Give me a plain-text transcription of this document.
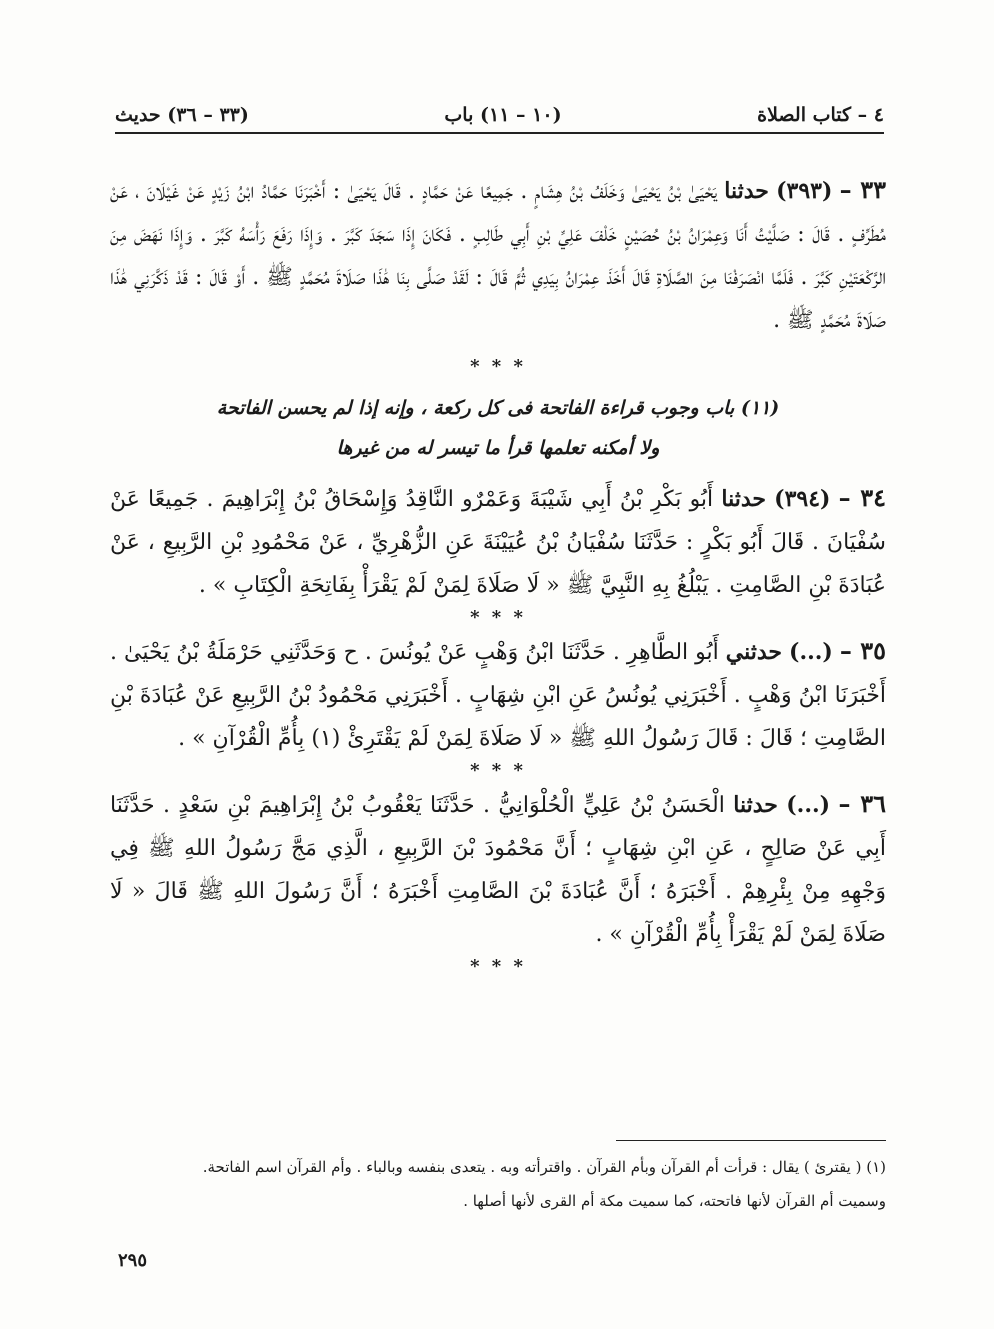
٤ – كتاب الصلاة
(١٠ – ١١) باب
(٣٣ – ٣٦) حديث

٣٣ – (٣٩٣) حدثنا يَحْيَىٰ بْنُ يَحْيَىٰ وَخَلَفُ بْنُ هِشَامٍ . جَمِيعًا عَنْ حَمَّادٍ . قَالَ يَحْيَىٰ : أَخْبَرَنَا حَمَّادُ ابْنُ زَيْدٍ عَنْ غَيْلَانَ ، عَنْ مُطَرِّفٍ . قَالَ : صَلَّيْتُ أَنَا وَعِمْرَانُ بْنُ حُصَيْنٍ خَلْفَ عَلِيِّ بْنِ أَبِي طَالِبٍ . فَكَانَ إِذَا سَجَدَ كَبَّرَ . وَإِذَا رَفَعَ رَأْسَهُ كَبَّرَ . وَإِذَا نَهَضَ مِنَ الرَّكْعَتَيْنِ كَبَّرَ . فَلَمَّا انْصَرَفْنَا مِنَ الصَّلَاةِ قَالَ أَخَذَ عِمْرَانُ بِيَدِي ثُمَّ قَالَ : لَقَدْ صَلَّى بِنَا هَٰذَا صَلَاةَ مُحَمَّدٍ ﷺ . أَوْ قَالَ : قَدْ ذَكَّرَنِي هَٰذَا صَلَاةَ مُحَمَّدٍ ﷺ .

* * *
(١١) باب وجوب قراءة الفاتحة فى كل ركعة ، وإنه إذا لم يحسن الفاتحة
ولا أمكنه تعلمها قرأ ما تيسر له من غيرها

٣٤ – (٣٩٤) حدثنا أَبُو بَكْرِ بْنُ أَبِي شَيْبَةَ وَعَمْرٌو النَّاقِدُ وَإِسْحَاقُ بْنُ إِبْرَاهِيمَ . جَمِيعًا عَنْ سُفْيَانَ . قَالَ أَبُو بَكْرٍ : حَدَّثَنَا سُفْيَانُ بْنُ عُيَيْنَةَ عَنِ الزُّهْرِيِّ ، عَنْ مَحْمُودِ بْنِ الرَّبِيعِ ، عَنْ عُبَادَةَ بْنِ الصَّامِتِ . يَبْلُغُ بِهِ النَّبِيَّ ﷺ « لَا صَلَاةَ لِمَنْ لَمْ يَقْرَأْ بِفَاتِحَةِ الْكِتَابِ » .

* * *

٣٥ – (...) حدثني أَبُو الطَّاهِرِ . حَدَّثَنَا ابْنُ وَهْبٍ عَنْ يُونُسَ . ح وَحَدَّثَنِي حَرْمَلَةُ بْنُ يَحْيَىٰ . أَخْبَرَنَا ابْنُ وَهْبٍ . أَخْبَرَنِي يُونُسُ عَنِ ابْنِ شِهَابٍ . أَخْبَرَنِي مَحْمُودُ بْنُ الرَّبِيعِ عَنْ عُبَادَةَ بْنِ الصَّامِتِ ؛ قَالَ : قَالَ رَسُولُ اللهِ ﷺ « لَا صَلَاةَ لِمَنْ لَمْ يَقْتَرِئْ (١) بِأُمِّ الْقُرْآنِ » .

* * *

٣٦ – (...) حدثنا الْحَسَنُ بْنُ عَلِيٍّ الْحُلْوَانِيُّ . حَدَّثَنَا يَعْقُوبُ بْنُ إِبْرَاهِيمَ بْنِ سَعْدٍ . حَدَّثَنَا أَبِي عَنْ صَالِحٍ ، عَنِ ابْنِ شِهَابٍ ؛ أَنَّ مَحْمُودَ بْنَ الرَّبِيعِ ، الَّذِي مَجَّ رَسُولُ اللهِ ﷺ فِي وَجْهِهِ مِنْ بِئْرِهِمْ . أَخْبَرَهُ ؛ أَنَّ عُبَادَةَ بْنَ الصَّامِتِ أَخْبَرَهُ ؛ أَنَّ رَسُولَ اللهِ ﷺ قَالَ « لَا صَلَاةَ لِمَنْ لَمْ يَقْرَأْ بِأُمِّ الْقُرْآنِ » .

* * *
(١) ( يقترئ ) يقال : قرأت أم القرآن وبأم القرآن . واقترأته وبه . يتعدى بنفسه وبالباء . وأم القرآن اسم الفاتحة.
وسميت أم القرآن لأنها فاتحته، كما سميت مكة أم القرى لأنها أصلها .
٢٩٥
